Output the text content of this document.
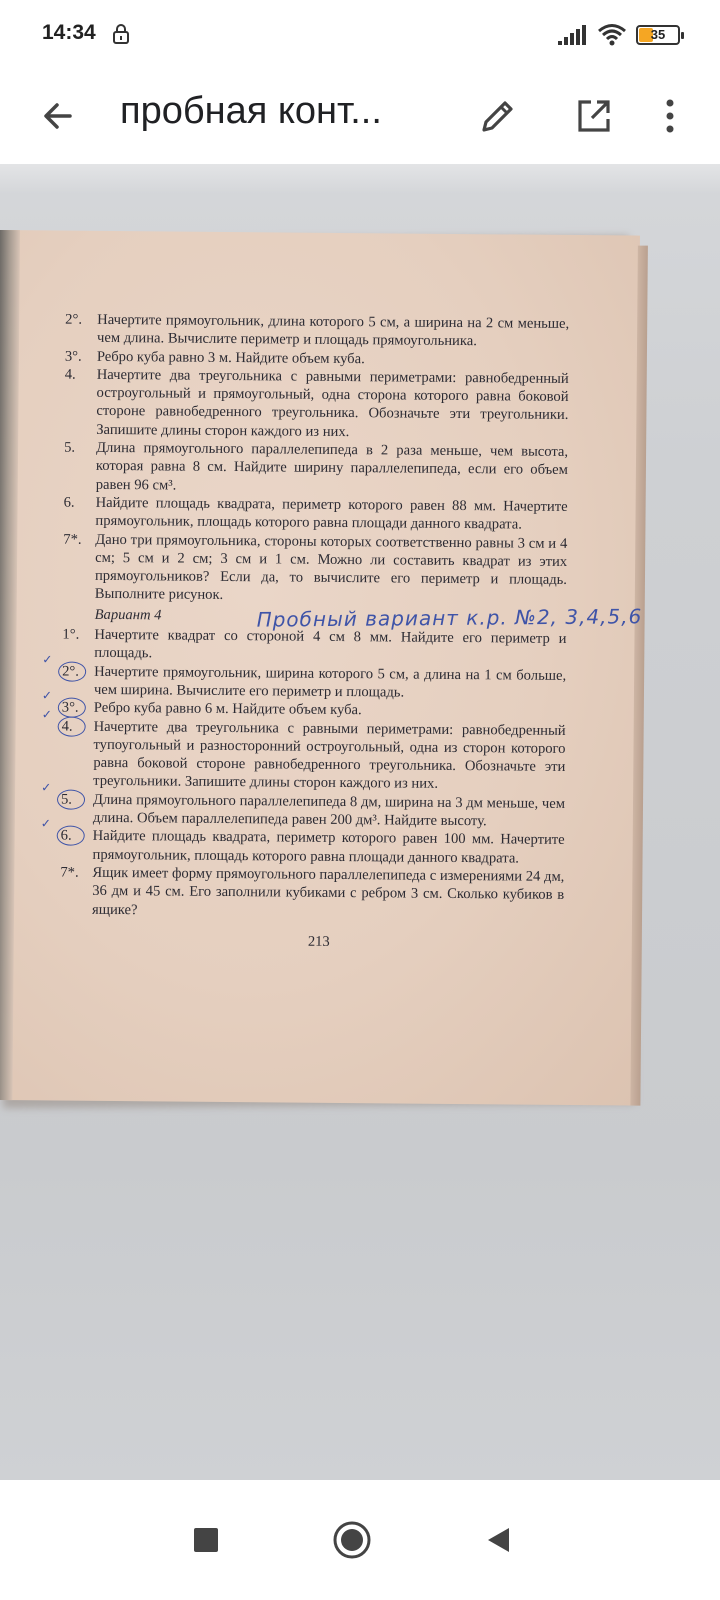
14:34	35
пробная конт...
2°. Начертите прямоугольник, длина которого 5 см, а ширина на 2 см меньше, чем длина. Вычислите периметр и площадь прямоугольника.
3°. Ребро куба равно 3 м. Найдите объем куба.
4. Начертите два треугольника с равными периметрами: равнобедренный остроугольный и прямоугольный, одна сторона которого равна боковой стороне равнобедренного треугольника. Обозначьте эти треугольники. Запишите длины сторон каждого из них.
5. Длина прямоугольного параллелепипеда в 2 раза меньше, чем высота, которая равна 8 см. Найдите ширину параллелепипеда, если его объем равен 96 см³.
6. Найдите площадь квадрата, периметр которого равен 88 мм. Начертите прямоугольник, площадь которого равна площади данного квадрата.
7*. Дано три прямоугольника, стороны которых соответственно равны 3 см и 4 см; 5 см и 2 см; 3 см и 1 см. Можно ли составить квадрат из этих прямоугольников? Если да, то вычислите его периметр и площадь. Выполните рисунок.
Вариант 4	Пробный вариант к.р. №2, 3,4,5,6
1°. Начертите квадрат со стороной 4 см 8 мм. Найдите его периметр и площадь.
2°.
✓
Начертите прямоугольник, ширина которого 5 см, а длина на 1 см больше, чем ширина. Вычислите его периметр и площадь.
3°.
✓
Ребро куба равно 6 м. Найдите объем куба.
4.
✓
Начертите два треугольника с равными периметрами: равнобедренный тупоугольный и разносторонний остроугольный, одна из сторон которого равна боковой стороне равнобедренного треугольника. Обозначьте эти треугольники. Запишите длины сторон каждого из них.
5.
✓
Длина прямоугольного параллелепипеда 8 дм, ширина на 3 дм меньше, чем длина. Объем параллелепипеда равен 200 дм³. Найдите высоту.
6.
✓
Найдите площадь квадрата, периметр которого равен 100 мм. Начертите прямоугольник, площадь которого равна площади данного квадрата.
7*. Ящик имеет форму прямоугольного параллелепипеда с измерениями 24 дм, 36 дм и 45 см. Его заполнили кубиками с ребром 3 см. Сколько кубиков в ящике?
213
